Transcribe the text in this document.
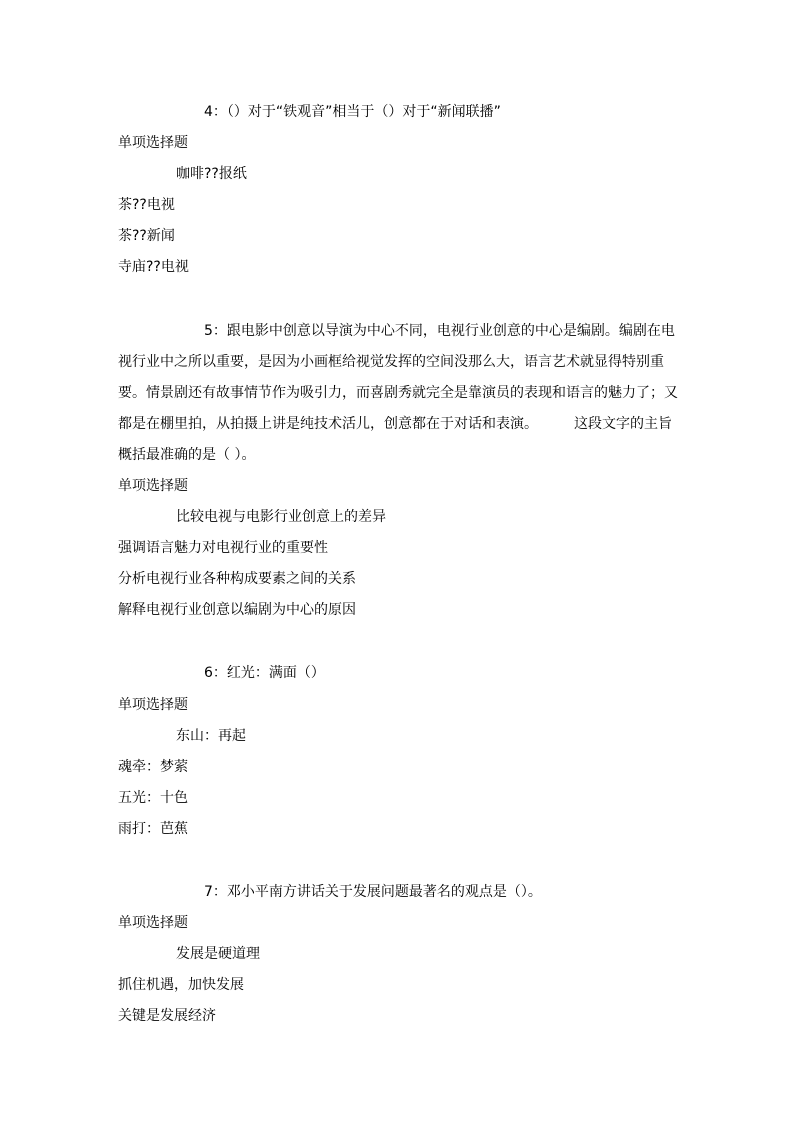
4：（）对于“铁观音”相当于（）对于“新闻联播”
单项选择题
咖啡??报纸
茶??电视
茶??新闻
寺庙??电视
5：跟电影中创意以导演为中心不同，电视行业创意的中心是编剧。编剧在电视行业中之所以重要，是因为小画框给视觉发挥的空间没那么大，语言艺术就显得特别重要。情景剧还有故事情节作为吸引力，而喜剧秀就完全是靠演员的表现和语言的魅力了；又都是在棚里拍，从拍摄上讲是纯技术活儿，创意都在于对话和表演。	这段文字的主旨概括最准确的是（ ）。
单项选择题
比较电视与电影行业创意上的差异
强调语言魅力对电视行业的重要性
分析电视行业各种构成要素之间的关系
解释电视行业创意以编剧为中心的原因
6：红光：满面（）
单项选择题
东山：再起
魂牵：梦萦
五光：十色
雨打：芭蕉
7：邓小平南方讲话关于发展问题最著名的观点是（）。
单项选择题
发展是硬道理
抓住机遇，加快发展
关键是发展经济
